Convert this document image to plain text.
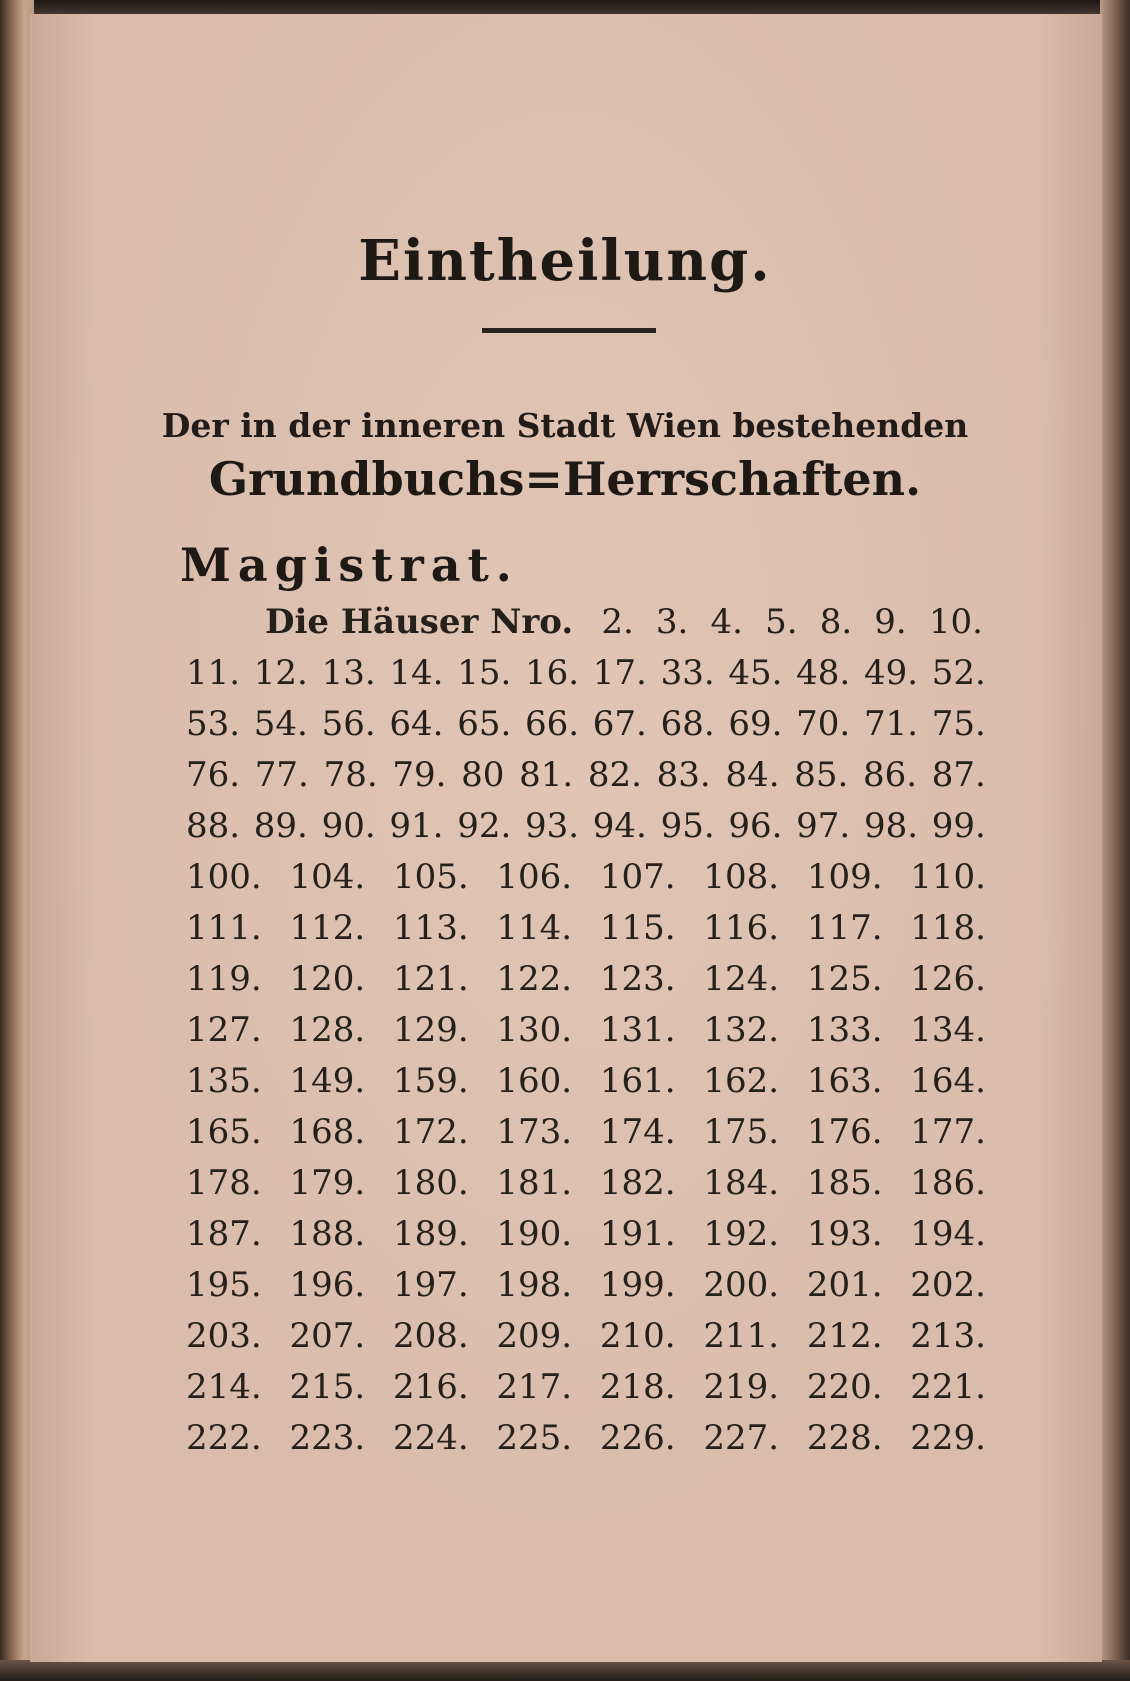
Eintheilung.
Der in der inneren Stadt Wien bestehenden
Grundbuchs=Herrschaften.
Magistrat.
Die Häuser Nro. 2. 3. 4. 5. 8. 9. 10.
11. 12. 13. 14. 15. 16. 17. 33. 45. 48. 49. 52.
53. 54. 56. 64. 65. 66. 67. 68. 69. 70. 71. 75.
76. 77. 78. 79. 80 81. 82. 83. 84. 85. 86. 87.
88. 89. 90. 91. 92. 93. 94. 95. 96. 97. 98. 99.
100. 104. 105. 106. 107. 108. 109. 110.
111. 112. 113. 114. 115. 116. 117. 118.
119. 120. 121. 122. 123. 124. 125. 126.
127. 128. 129. 130. 131. 132. 133. 134.
135. 149. 159. 160. 161. 162. 163. 164.
165. 168. 172. 173. 174. 175. 176. 177.
178. 179. 180. 181. 182. 184. 185. 186.
187. 188. 189. 190. 191. 192. 193. 194.
195. 196. 197. 198. 199. 200. 201. 202.
203. 207. 208. 209. 210. 211. 212. 213.
214. 215. 216. 217. 218. 219. 220. 221.
222. 223. 224. 225. 226. 227. 228. 229.
